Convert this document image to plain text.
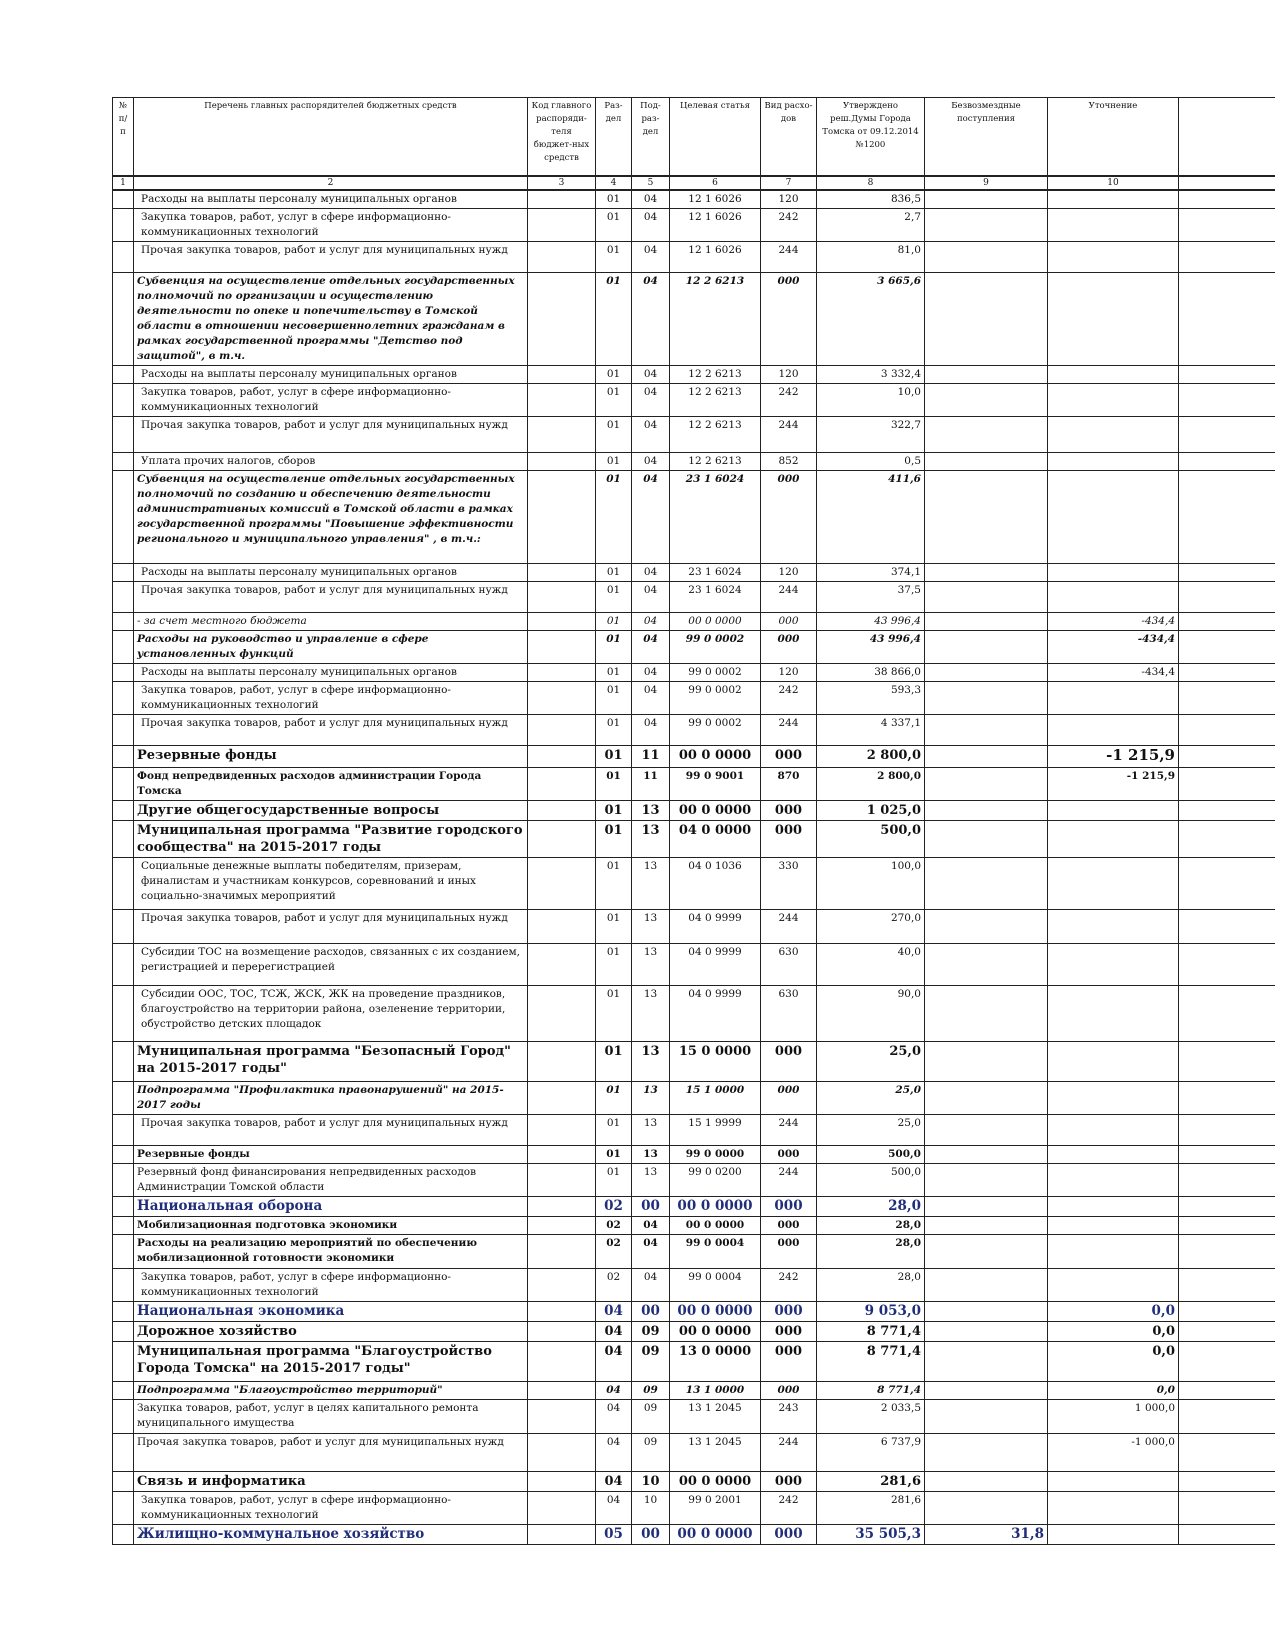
№ п/п	Перечень главных распорядителей бюджетных средств	Код главного распоряди-теля бюджет-ных средств	Раз-дел	Под-раз-дел	Целевая статья	Вид расхо-дов	Утверждено реш.Думы Города Томска от 09.12.2014 №1200	Безвозмездные поступления	Уточнение	
1	2	3	4	5	6	7	8	9	10	
	Расходы на выплаты персоналу муниципальных органов		01	04	12 1 6026	120	836,5			
	Закупка товаров, работ, услуг в сфере информационно-коммуникационных технологий		01	04	12 1 6026	242	2,7			
	Прочая закупка товаров, работ и услуг для муниципальных нужд		01	04	12 1 6026	244	81,0			
	Субвенция на осуществление отдельных государственных полномочий по организации и осуществлению деятельности по опеке и попечительству в Томской области в отношении несовершеннолетних гражданам в рамках государственной программы "Детство под защитой", в т.ч.		01	04	12 2 6213	000	3 665,6			
	Расходы на выплаты персоналу муниципальных органов		01	04	12 2 6213	120	3 332,4			
	Закупка товаров, работ, услуг в сфере информационно-коммуникационных технологий		01	04	12 2 6213	242	10,0			
	Прочая закупка товаров, работ и услуг для муниципальных нужд		01	04	12 2 6213	244	322,7			
	Уплата прочих налогов, сборов		01	04	12 2 6213	852	0,5			
	Субвенция на осуществление отдельных государственных полномочий по созданию и обеспечению деятельности административных комиссий в Томской области в рамках государственной программы "Повышение эффективности регионального и муниципального управления" , в т.ч.:		01	04	23 1 6024	000	411,6			
	Расходы на выплаты персоналу муниципальных органов		01	04	23 1 6024	120	374,1			
	Прочая закупка товаров, работ и услуг для муниципальных нужд		01	04	23 1 6024	244	37,5			
	- за счет местного бюджета		01	04	00 0 0000	000	43 996,4		-434,4	
	Расходы на руководство и управление в сфере установленных функций		01	04	99 0 0002	000	43 996,4		-434,4	
	Расходы на выплаты персоналу муниципальных органов		01	04	99 0 0002	120	38 866,0		-434,4	
	Закупка товаров, работ, услуг в сфере информационно-коммуникационных технологий		01	04	99 0 0002	242	593,3			
	Прочая закупка товаров, работ и услуг для муниципальных нужд		01	04	99 0 0002	244	4 337,1			
	Резервные фонды		01	11	00 0 0000	000	2 800,0		-1 215,9	
	Фонд непредвиденных расходов администрации Города Томска		01	11	99 0 9001	870	2 800,0		-1 215,9	
	Другие общегосударственные вопросы		01	13	00 0 0000	000	1 025,0			
	Муниципальная программа "Развитие городского сообщества" на 2015-2017 годы		01	13	04 0 0000	000	500,0			
	Социальные денежные выплаты победителям, призерам, финалистам и участникам конкурсов, соревнований и иных социально-значимых мероприятий		01	13	04 0 1036	330	100,0			
	Прочая закупка товаров, работ и услуг для муниципальных нужд		01	13	04 0 9999	244	270,0			
	Субсидии ТОС на возмещение расходов, связанных с их созданием, регистрацией и перерегистрацией		01	13	04 0 9999	630	40,0			
	Субсидии ООС, ТОС, ТСЖ, ЖСК, ЖК на проведение праздников, благоустройство на территории района, озеленение территории, обустройство детских площадок		01	13	04 0 9999	630	90,0			
	Муниципальная программа "Безопасный Город" на 2015-2017 годы"		01	13	15 0 0000	000	25,0			
	Подпрограмма "Профилактика правонарушений" на 2015-2017 годы		01	13	15 1 0000	000	25,0			
	Прочая закупка товаров, работ и услуг для муниципальных нужд		01	13	15 1 9999	244	25,0			
	Резервные фонды		01	13	99 0 0000	000	500,0			
	Резервный фонд финансирования непредвиденных расходов Администрации Томской области		01	13	99 0 0200	244	500,0			
	Национальная оборона		02	00	00 0 0000	000	28,0			
	Мобилизационная подготовка экономики		02	04	00 0 0000	000	28,0			
	Расходы на реализацию мероприятий по обеспечению мобилизационной готовности экономики		02	04	99 0 0004	000	28,0			
	Закупка товаров, работ, услуг в сфере информационно-коммуникационных технологий		02	04	99 0 0004	242	28,0			
	Национальная экономика		04	00	00 0 0000	000	9 053,0		0,0	
	Дорожное хозяйство		04	09	00 0 0000	000	8 771,4		0,0	
	Муниципальная программа "Благоустройство Города Томска" на 2015-2017 годы"		04	09	13 0 0000	000	8 771,4		0,0	
	Подпрограмма "Благоустройство территорий"		04	09	13 1 0000	000	8 771,4		0,0	
	Закупка товаров, работ, услуг в целях капитального ремонта муниципального имущества		04	09	13 1 2045	243	2 033,5		1 000,0	
	Прочая закупка товаров, работ и услуг для муниципальных нужд		04	09	13 1 2045	244	6 737,9		-1 000,0	
	Связь и информатика		04	10	00 0 0000	000	281,6			
	Закупка товаров, работ, услуг в сфере информационно-коммуникационных технологий		04	10	99 0 2001	242	281,6			
	Жилищно-коммунальное хозяйство		05	00	00 0 0000	000	35 505,3	31,8		
